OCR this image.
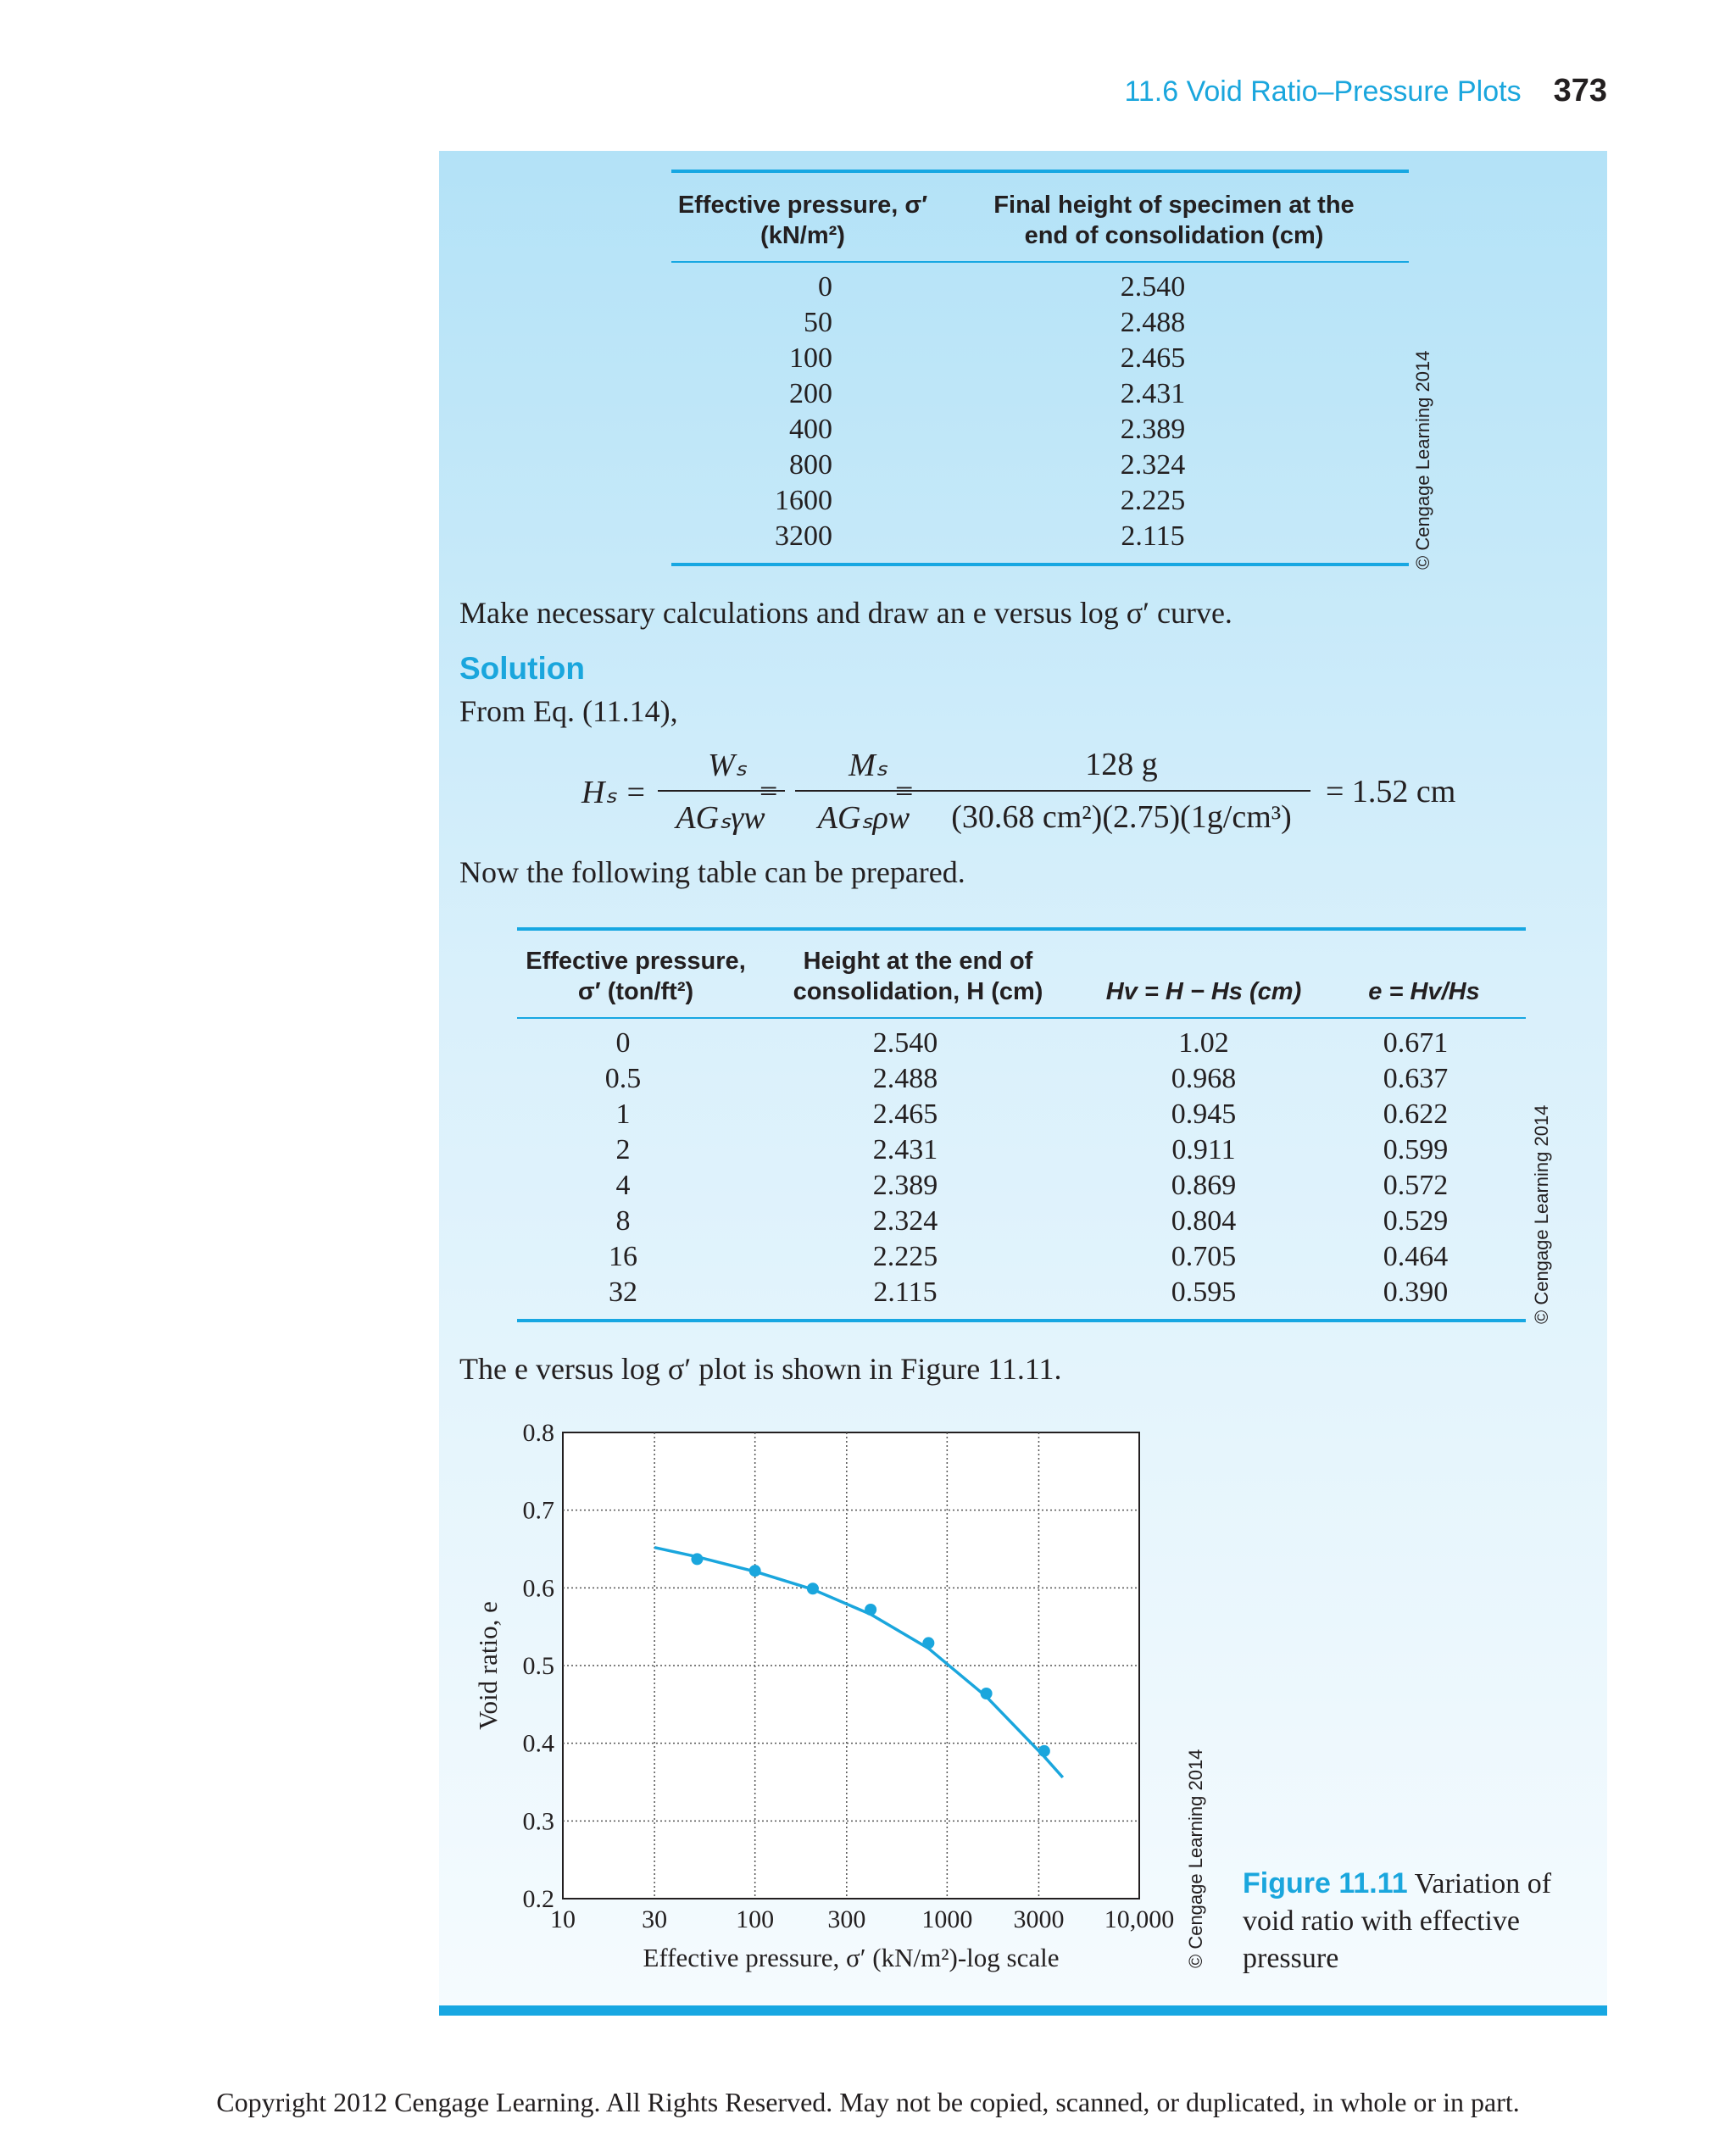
11.6 Void Ratio–Pressure Plots 373
Effective pressure, σ′ (kN/m²)
Final height of specimen at the end of consolidation (cm)
0	2.540
50	2.488
100	2.465
200	2.431
400	2.389
800	2.324
1600	2.225
3200	2.115	© Cengage Learning 2014
Make necessary calculations and draw an e versus log σ′ curve.
Solution
From Eq. (11.14),
Hₛ =
Wₛ
AGₛγw
=
Mₛ
AGₛρw
=
128 g
(30.68 cm²)(2.75)(1g/cm³)
= 1.52 cm
Now the following table can be prepared.
Effective pressure, σ′ (ton/ft²)
Height at the end of consolidation, H (cm)	Hv = H − Hs (cm)	e = Hv/Hs
0	2.540	1.02	0.671
0.5	2.488	0.968	0.637
1	2.465	0.945	0.622
2	2.431	0.911	0.599
4	2.389	0.869	0.572
8	2.324	0.804	0.529
16	2.225	0.705	0.464
32	2.115	0.595	0.390	© Cengage Learning 2014
The e versus log σ′ plot is shown in Figure 11.11.
0.2
0.3
0.4
0.5
0.6
0.7
0.8
10	30	100 300 1000 3000 10,000
Effective pressure, σ′ (kN/m²)-log scale
Void ratio, e
© Cengage Learning 2014 Figure 11.11 Variation of void ratio with effective pressure
Copyright 2012 Cengage Learning. All Rights Reserved. May not be copied, scanned, or duplicated, in whole or in part.
